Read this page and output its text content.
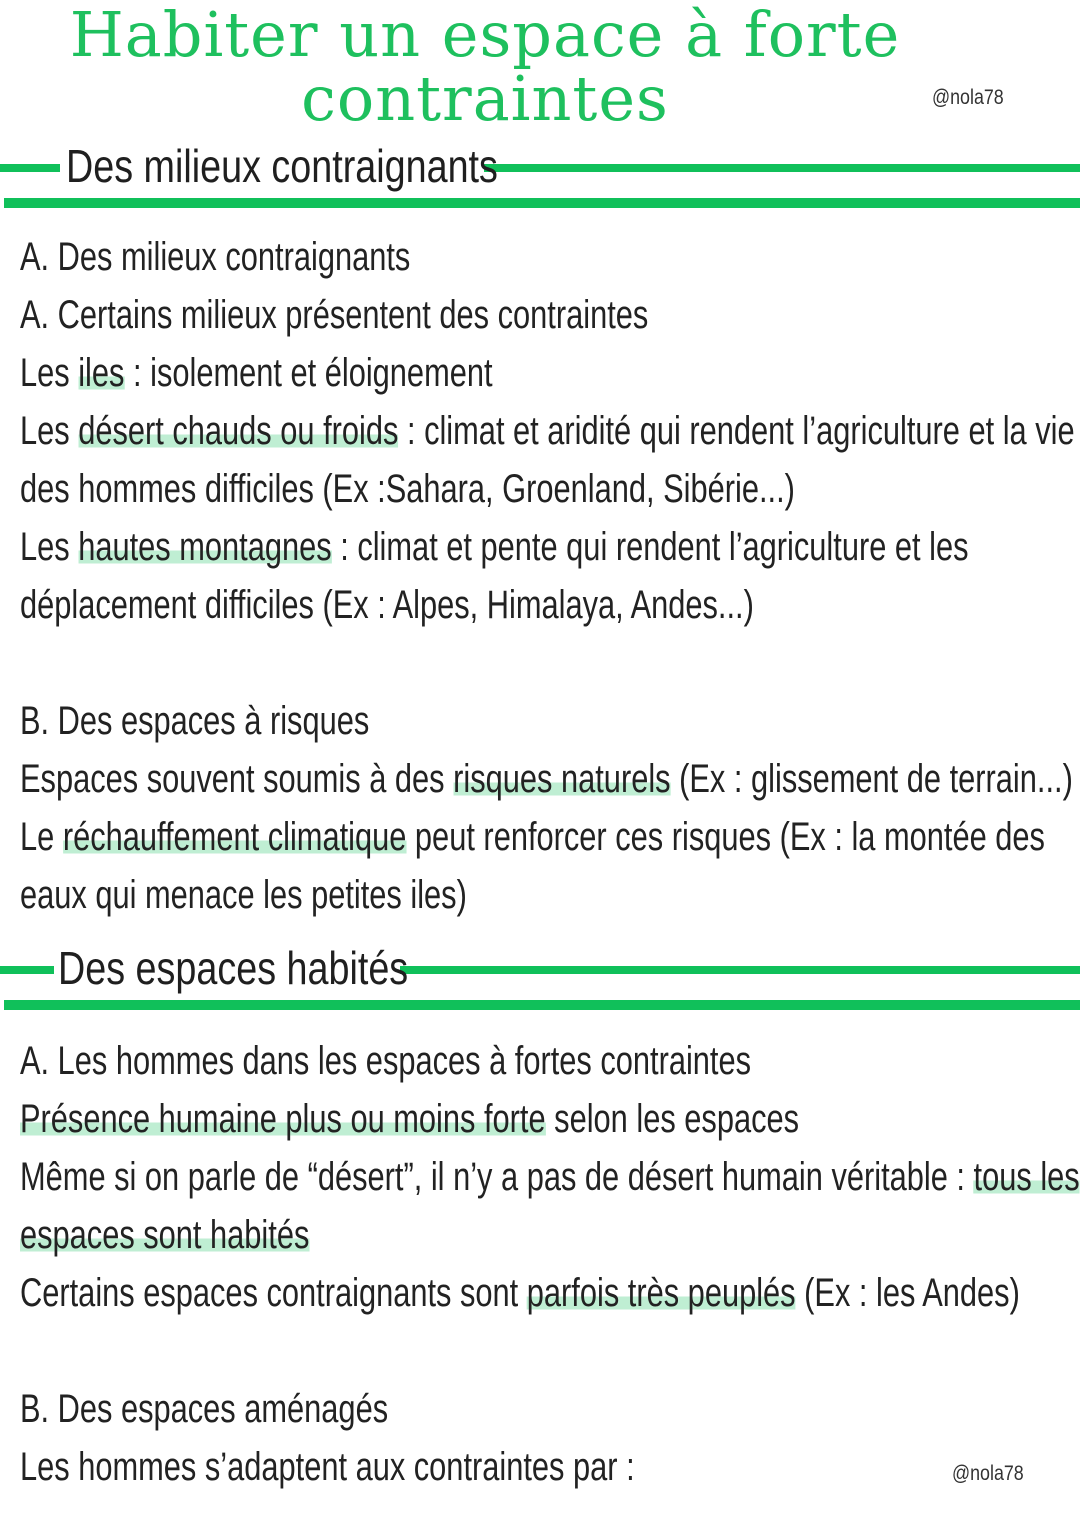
Habiter un espace à forte
contraintes	@nola78
Des milieux contraignants
A. Des milieux contraignants
A. Certains milieux présentent des contraintes
Les iles : isolement et éloignement
Les désert chauds ou froids : climat et aridité qui rendent l’agriculture et la vie
des hommes difficiles (Ex :Sahara, Groenland, Sibérie...)
Les hautes montagnes : climat et pente qui rendent l’agriculture et les
déplacement difficiles (Ex : Alpes, Himalaya, Andes...)
B. Des espaces à risques
Espaces souvent soumis à des risques naturels (Ex : glissement de terrain...)
Le réchauffement climatique peut renforcer ces risques (Ex : la montée des
eaux qui menace les petites iles)
Des espaces habités
A. Les hommes dans les espaces à fortes contraintes
Présence humaine plus ou moins forte selon les espaces
Même si on parle de “désert”, il n’y a pas de désert humain véritable : tous les
espaces sont habités
Certains espaces contraignants sont parfois très peuplés (Ex : les Andes)
B. Des espaces aménagés
Les hommes s’adaptent aux contraintes par :	@nola78
